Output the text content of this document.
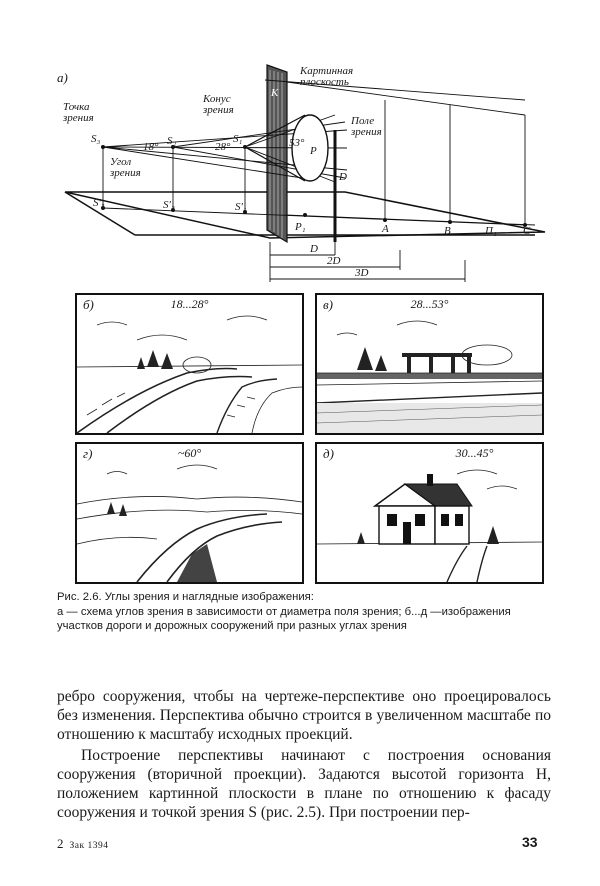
а)
Точка
зрения
S₃	S₂	S₁
18°	28°	53°
Угол
зрения
Конус
зрения
Картинная
плоскость
К
Поле
зрения
P
D
S′₃	S′₂	S′₁
P₁	A	B	П₁ C
D
2D
3D
б)	18...28°	в)	28...53°
г)	~60°	д)	30...45°
Рис. 2.6. Углы зрения и наглядные изображения:
а — схема углов зрения в зависимости от диаметра поля зрения; б...д —изображения участков дороги и дорожных сооружений при разных углах зрения

ребро сооружения, чтобы на чертеже-перспективе оно проецировалось без изменения. Перспектива обычно строится в увеличенном масштабе по отношению к масштабу исходных проекций.

Построение перспективы начинают с построения основания сооружения (вторичной проекции). Задаются высотой горизонта H, положением картинной плоскости в плане по отношению к фасаду сооружения и точкой зрения S (рис. 2.5). При построении пер-

2 Зак 1394	33
